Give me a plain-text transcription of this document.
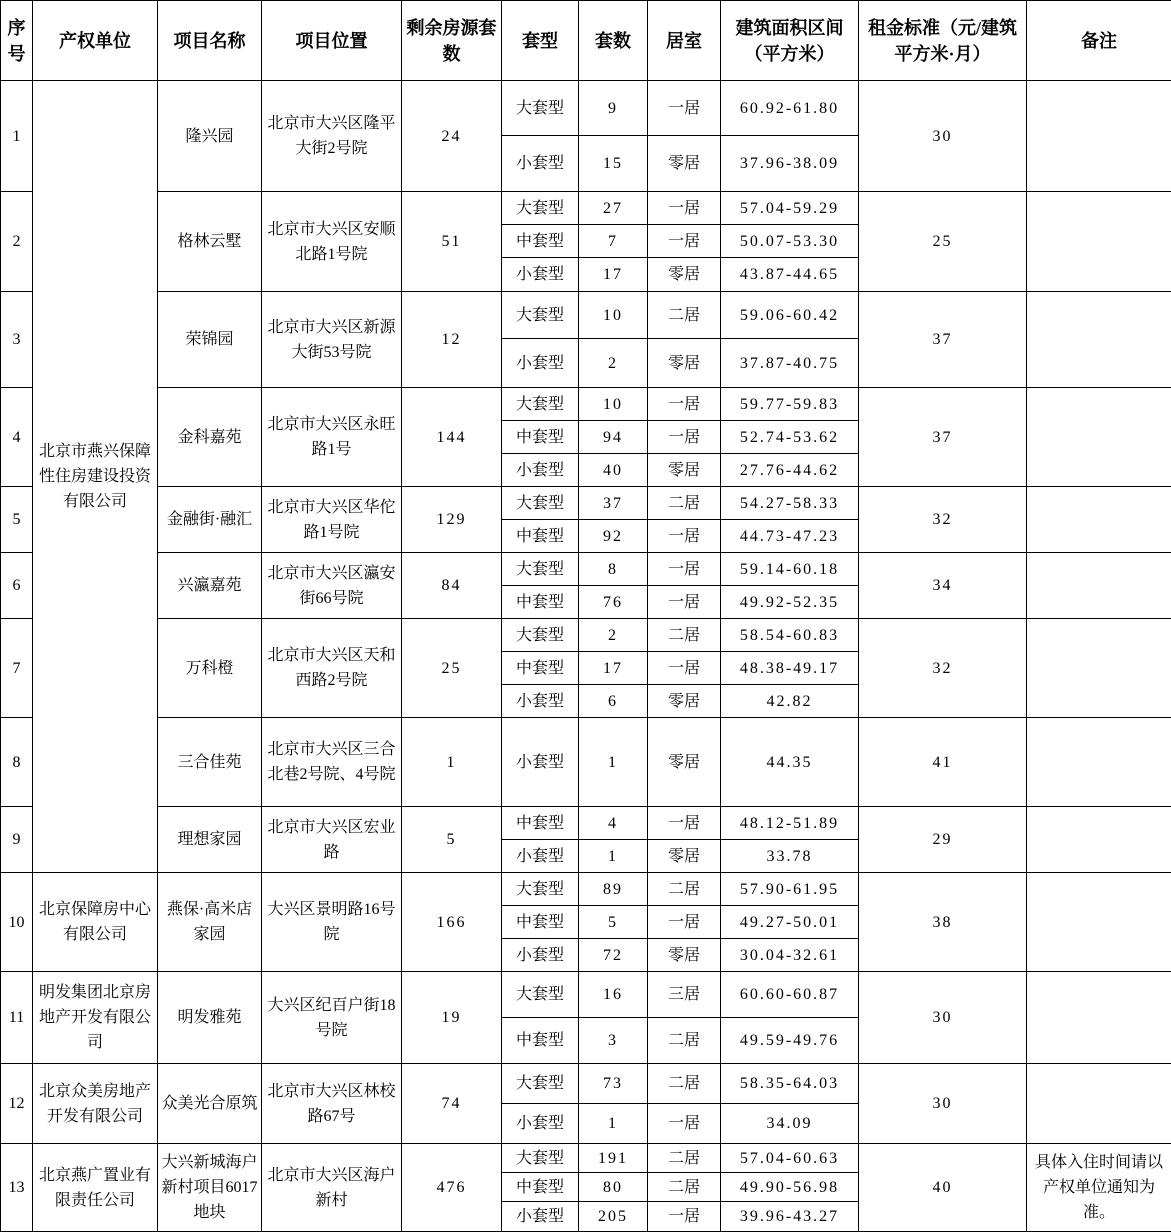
序号	产权单位	项目名称	项目位置	剩余房源套数	套型	套数	居室	建筑面积区间（平方米）	租金标准（元/建筑平方米·月）	备注
1	北京市燕兴保障性住房建设投资有限公司	隆兴园	北京市大兴区隆平大街2号院	24	大套型	9	一居	60.92-61.80	30	
					小套型	15	零居	37.96-38.09		
2		格林云墅	北京市大兴区安顺北路1号院	51	大套型	27	一居	57.04-59.29	25	
					中套型	7	一居	50.07-53.30		
					小套型	17	零居	43.87-44.65		
3		荣锦园	北京市大兴区新源大街53号院	12	大套型	10	二居	59.06-60.42	37	
					小套型	2	零居	37.87-40.75		
4		金科嘉苑	北京市大兴区永旺路1号	144	大套型	10	一居	59.77-59.83	37	
					中套型	94	一居	52.74-53.62		
					小套型	40	零居	27.76-44.62		
5		金融街·融汇	北京市大兴区华佗路1号院	129	大套型	37	二居	54.27-58.33	32	
					中套型	92	一居	44.73-47.23		
6		兴瀛嘉苑	北京市大兴区瀛安街66号院	84	大套型	8	一居	59.14-60.18	34	
					中套型	76	一居	49.92-52.35		
7		万科橙	北京市大兴区天和西路2号院	25	大套型	2	二居	58.54-60.83	32	
					中套型	17	一居	48.38-49.17		
					小套型	6	零居	42.82		
8		三合佳苑	北京市大兴区三合北巷2号院、4号院	1	小套型	1	零居	44.35	41	
9		理想家园	北京市大兴区宏业路	5	中套型	4	一居	48.12-51.89	29	
					小套型	1	零居	33.78		
10	北京保障房中心有限公司	燕保·高米店家园	大兴区景明路16号院	166	大套型	89	二居	57.90-61.95	38	
					中套型	5	一居	49.27-50.01		
					小套型	72	零居	30.04-32.61		
11	明发集团北京房地产开发有限公司	明发雅苑	大兴区纪百户街18号院	19	大套型	16	三居	60.60-60.87	30	
					中套型	3	二居	49.59-49.76		
12	北京众美房地产开发有限公司	众美光合原筑	北京市大兴区林校路67号	74	大套型	73	二居	58.35-64.03	30	
					小套型	1	一居	34.09		
13	北京燕广置业有限责任公司	大兴新城海户新村项目6017地块	北京市大兴区海户新村	476	大套型	191	二居	57.04-60.63	40	具体入住时间请以产权单位通知为准。
					中套型	80	二居	49.90-56.98		
					小套型	205	一居	39.96-43.27		
